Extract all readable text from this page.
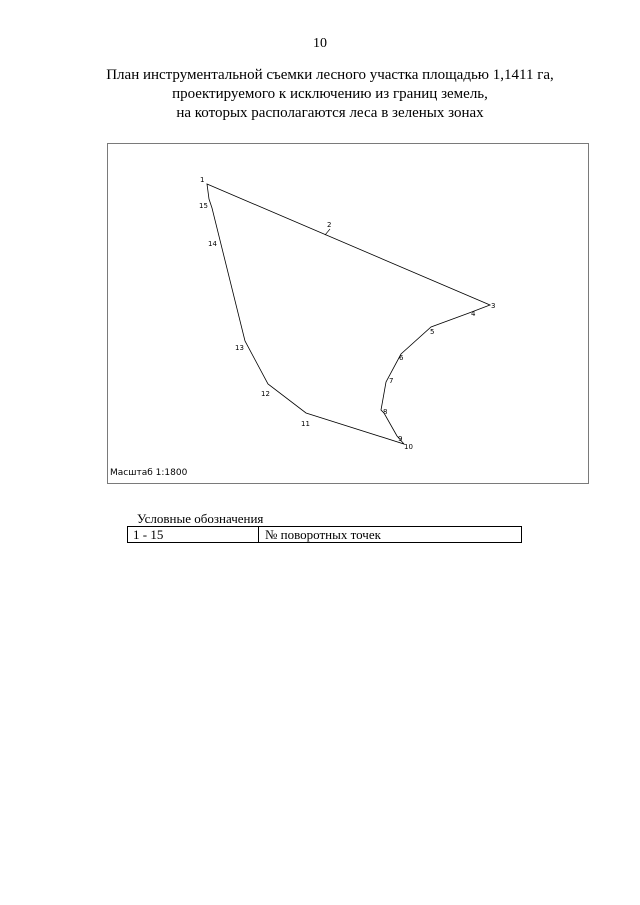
10
План инструментальной съемки лесного участка площадью 1,1411 га,
проектируемого к исключению из границ земель,
на которых располагаются леса в зеленых зонах
1
2
3
4
5
6
7
8
9
10
11
12
13
14
15
Масштаб 1:1800
Условные обозначения
1 - 15	№ поворотных точек
